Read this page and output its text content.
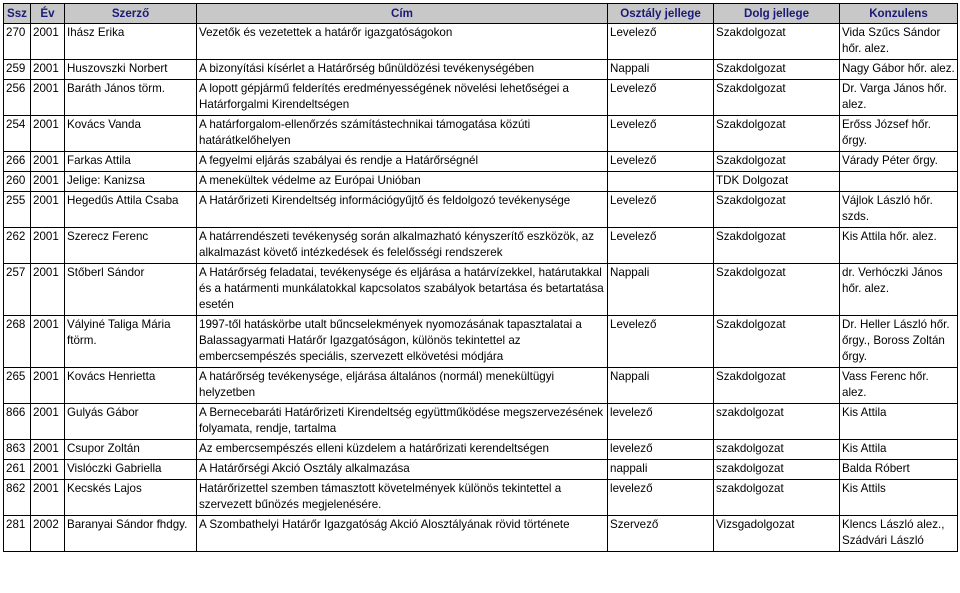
Ssz	Év	Szerző	Cím	Osztály jellege	Dolg jellege	Konzulens
270	2001	Ihász Erika	Vezetők és vezetettek a határőr igazgatóságokon	Levelező	Szakdolgozat	Vida Szűcs Sándor hőr. alez.
259	2001	Huszovszki Norbert	A bizonyítási kísérlet a Határőrség bűnüldözési tevékenységében	Nappali	Szakdolgozat	Nagy Gábor hőr. alez.
256	2001	Baráth János törm.	A lopott gépjármű felderítés eredményességének növelési lehetőségei a Határforgalmi Kirendeltségen	Levelező	Szakdolgozat	Dr. Varga János hőr. alez.
254	2001	Kovács Vanda	A határforgalom-ellenőrzés számítástechnikai támogatása közúti határátkelőhelyen	Levelező	Szakdolgozat	Erőss József hőr. őrgy.
266	2001	Farkas Attila	A fegyelmi eljárás szabályai és rendje a Határőrségnél	Levelező	Szakdolgozat	Várady Péter őrgy.
260	2001	Jelige: Kanizsa	A menekültek védelme az Európai Unióban		TDK Dolgozat	
255	2001	Hegedűs Attila Csaba	A Határőrizeti Kirendeltség információgyűjtő és feldolgozó tevékenysége	Levelező	Szakdolgozat	Vájlok László hőr. szds.
262	2001	Szerecz Ferenc	A határrendészeti tevékenység során alkalmazható kényszerítő eszközök, az alkalmazást követő intézkedések és felelősségi rendszerek	Levelező	Szakdolgozat	Kis Attila hőr. alez.
257	2001	Stőberl Sándor	A Határőrség feladatai, tevékenysége és eljárása a határvízekkel, határutakkal és a határmenti munkálatokkal kapcsolatos szabályok betartása és betartatása esetén	Nappali	Szakdolgozat	dr. Verhóczki János hőr. alez.
268	2001	Vályiné Taliga Mária ftörm.	1997-től hatáskörbe utalt bűncselekmények nyomozásának tapasztalatai a Balassagyarmati Határőr Igazgatóságon, különös tekintettel az embercsempészés speciális, szervezett elkövetési módjára	Levelező	Szakdolgozat	Dr. Heller László hőr. őrgy., Boross Zoltán őrgy.
265	2001	Kovács Henrietta	A határőrség tevékenysége, eljárása általános (normál) menekültügyi helyzetben	Nappali	Szakdolgozat	Vass Ferenc hőr. alez.
866	2001	Gulyás Gábor	A Bernecebaráti Határőrizeti Kirendeltség együttműködése megszervezésének folyamata, rendje, tartalma	levelező	szakdolgozat	Kis Attila
863	2001	Csupor Zoltán	Az embercsempészés elleni küzdelem a határőrizati kerendeltségen	levelező	szakdolgozat	Kis Attila
261	2001	Vislóczki Gabriella	A Határőrségi Akció Osztály alkalmazása	nappali	szakdolgozat	Balda Róbert
862	2001	Kecskés Lajos	Határőrizettel szemben támasztott követelmények különös tekintettel a szervezett bűnözés megjelenésére.	levelező	szakdolgozat	Kis Attils
281	2002	Baranyai Sándor fhdgy.	A Szombathelyi Határőr Igazgatóság Akció Alosztályának rövid története	Szervező	Vizsgadolgozat	Klencs László alez., Szádvári László
